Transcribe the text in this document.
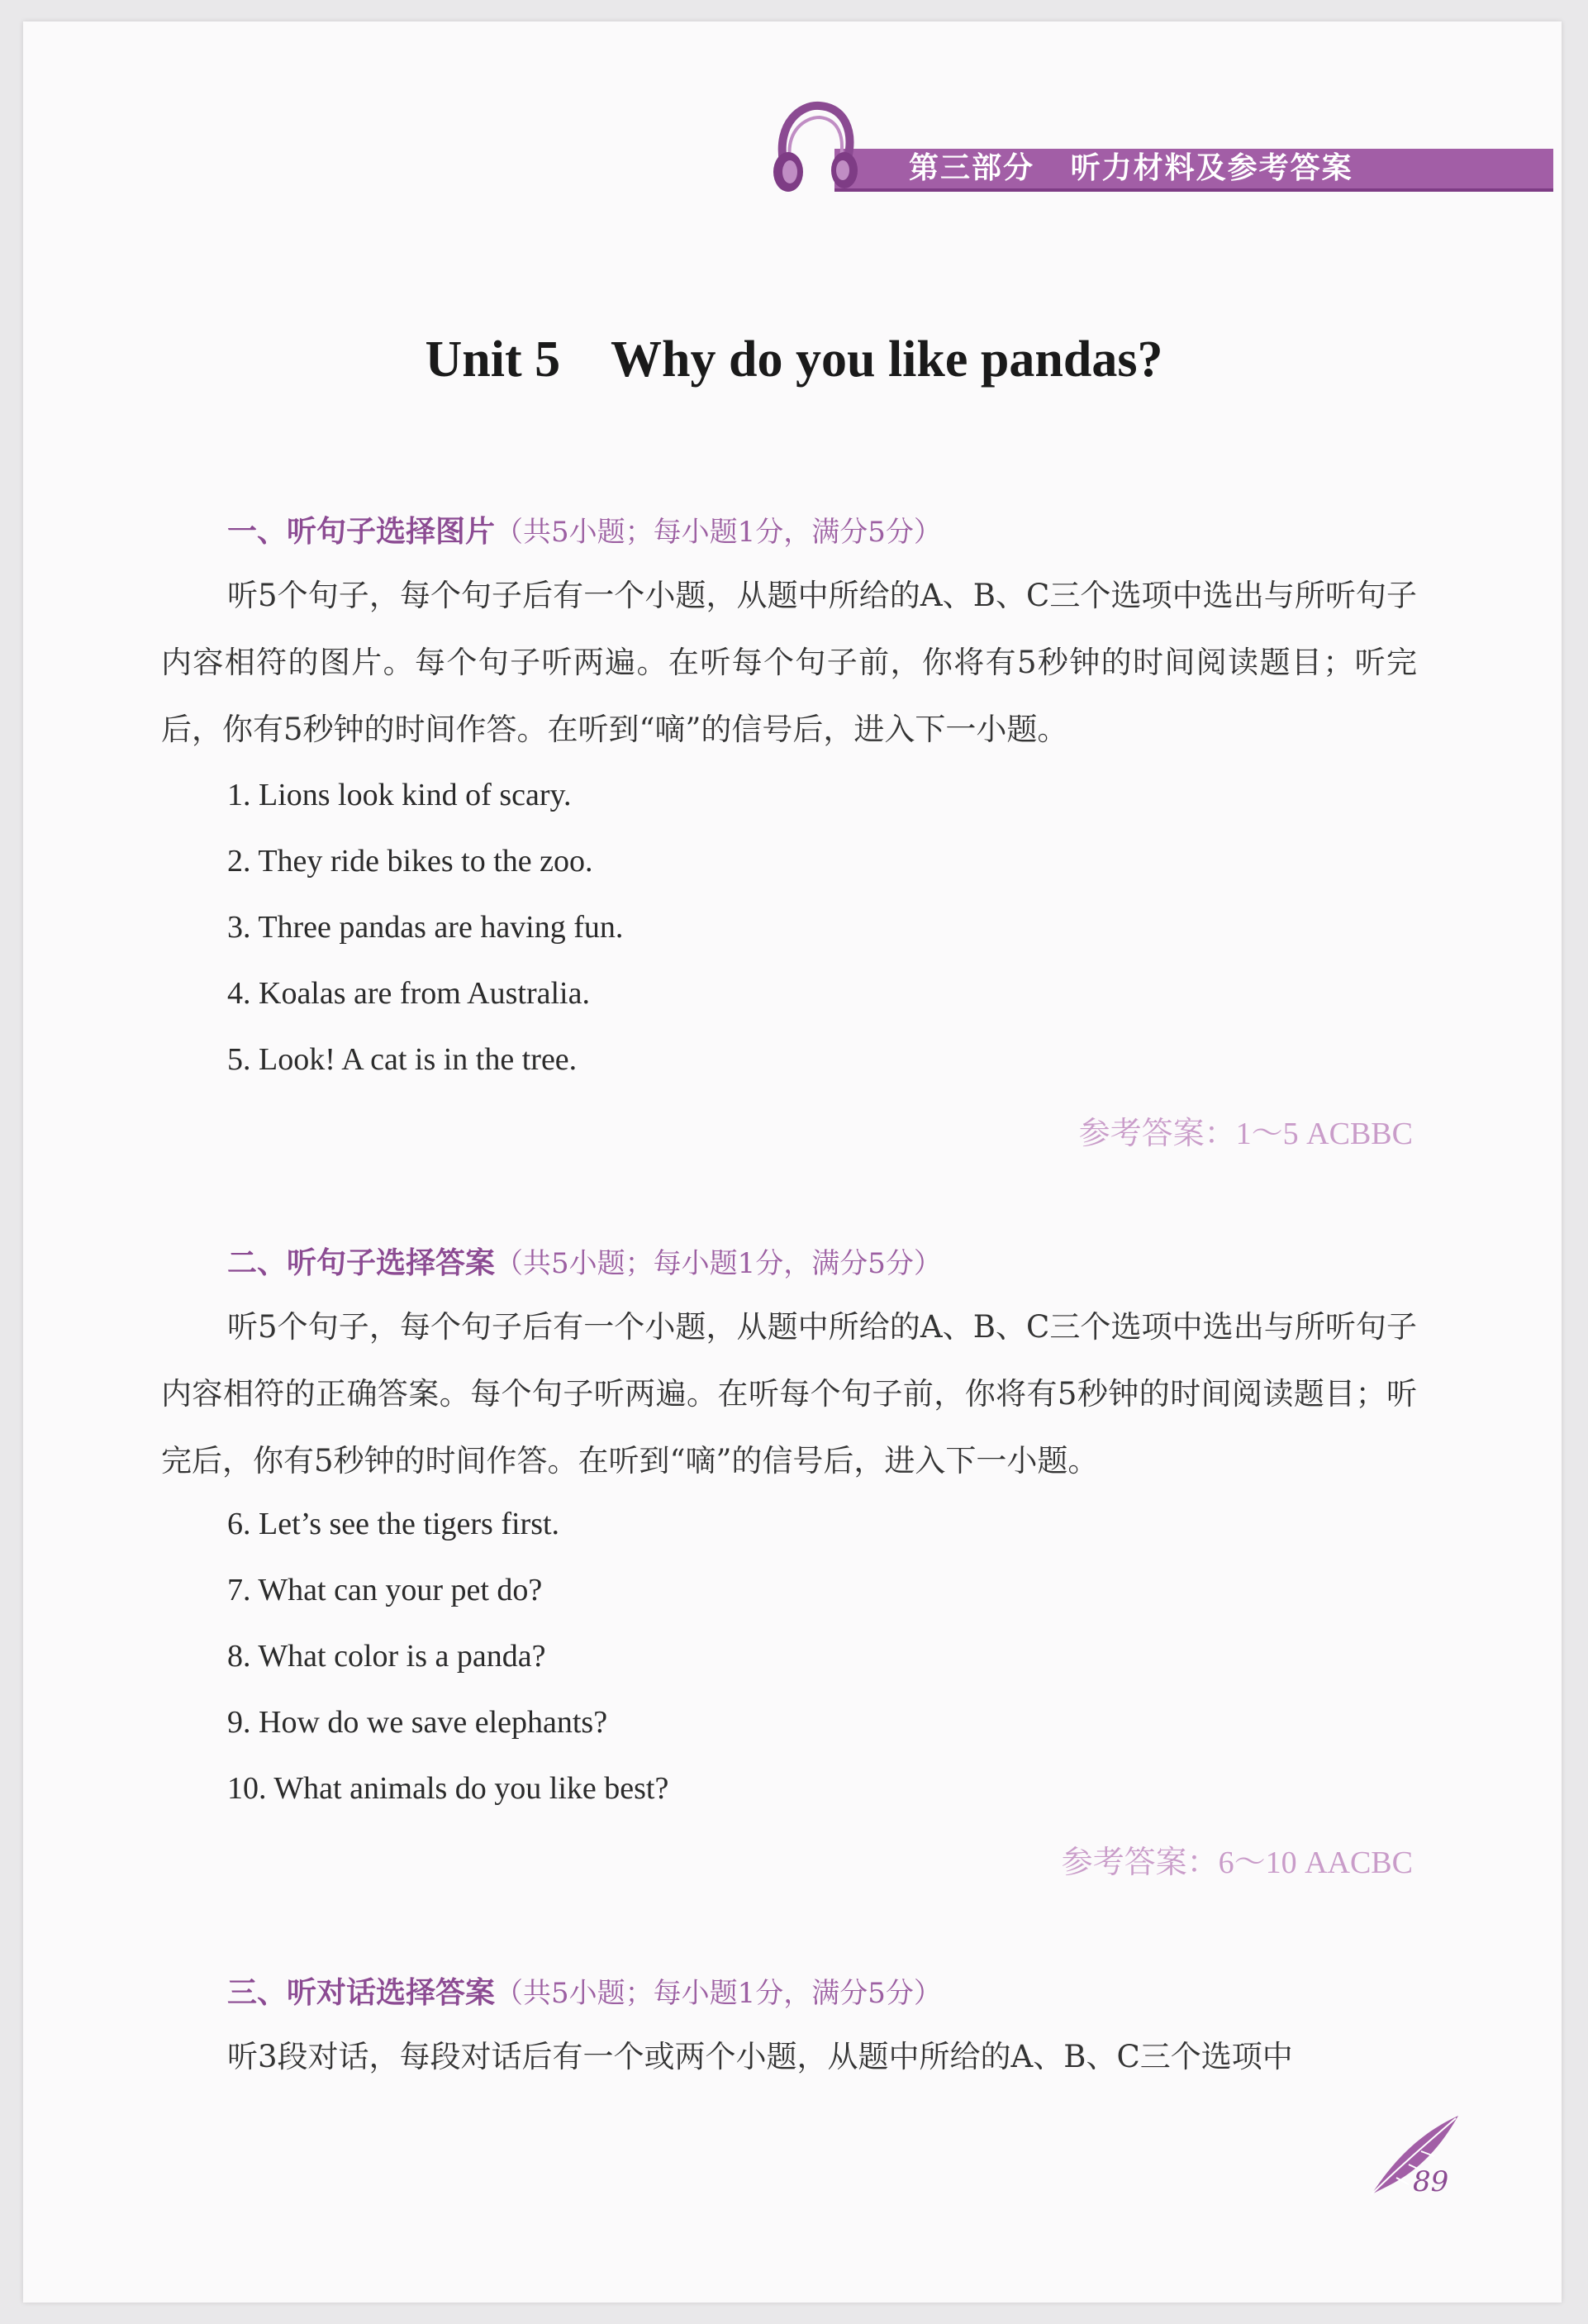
第三部分   听力材料及参考答案
Unit 5    Why do you like pandas?
一、听句子选择图片（共5小题；每小题1分，满分5分）
听5个句子，每个句子后有一个小题，从题中所给的A、B、C三个选项中选出与所听句子内容相符的图片。每个句子听两遍。在听每个句子前，你将有5秒钟的时间阅读题目；听完后，你有5秒钟的时间作答。在听到“嘀”的信号后，进入下一小题。
1. Lions look kind of scary.
2. They ride bikes to the zoo.
3. Three pandas are having fun.
4. Koalas are from Australia.
5. Look! A cat is in the tree.
参考答案：1～5 ACBBC
二、听句子选择答案（共5小题；每小题1分，满分5分）
听5个句子，每个句子后有一个小题，从题中所给的A、B、C三个选项中选出与所听句子内容相符的正确答案。每个句子听两遍。在听每个句子前，你将有5秒钟的时间阅读题目；听完后，你有5秒钟的时间作答。在听到“嘀”的信号后，进入下一小题。
6. Let’s see the tigers first.
7. What can your pet do?
8. What color is a panda?
9. How do we save elephants?
10. What animals do you like best?
参考答案：6～10 AACBC
三、听对话选择答案（共5小题；每小题1分，满分5分）
听3段对话，每段对话后有一个或两个小题，从题中所给的A、B、C三个选项中
89
